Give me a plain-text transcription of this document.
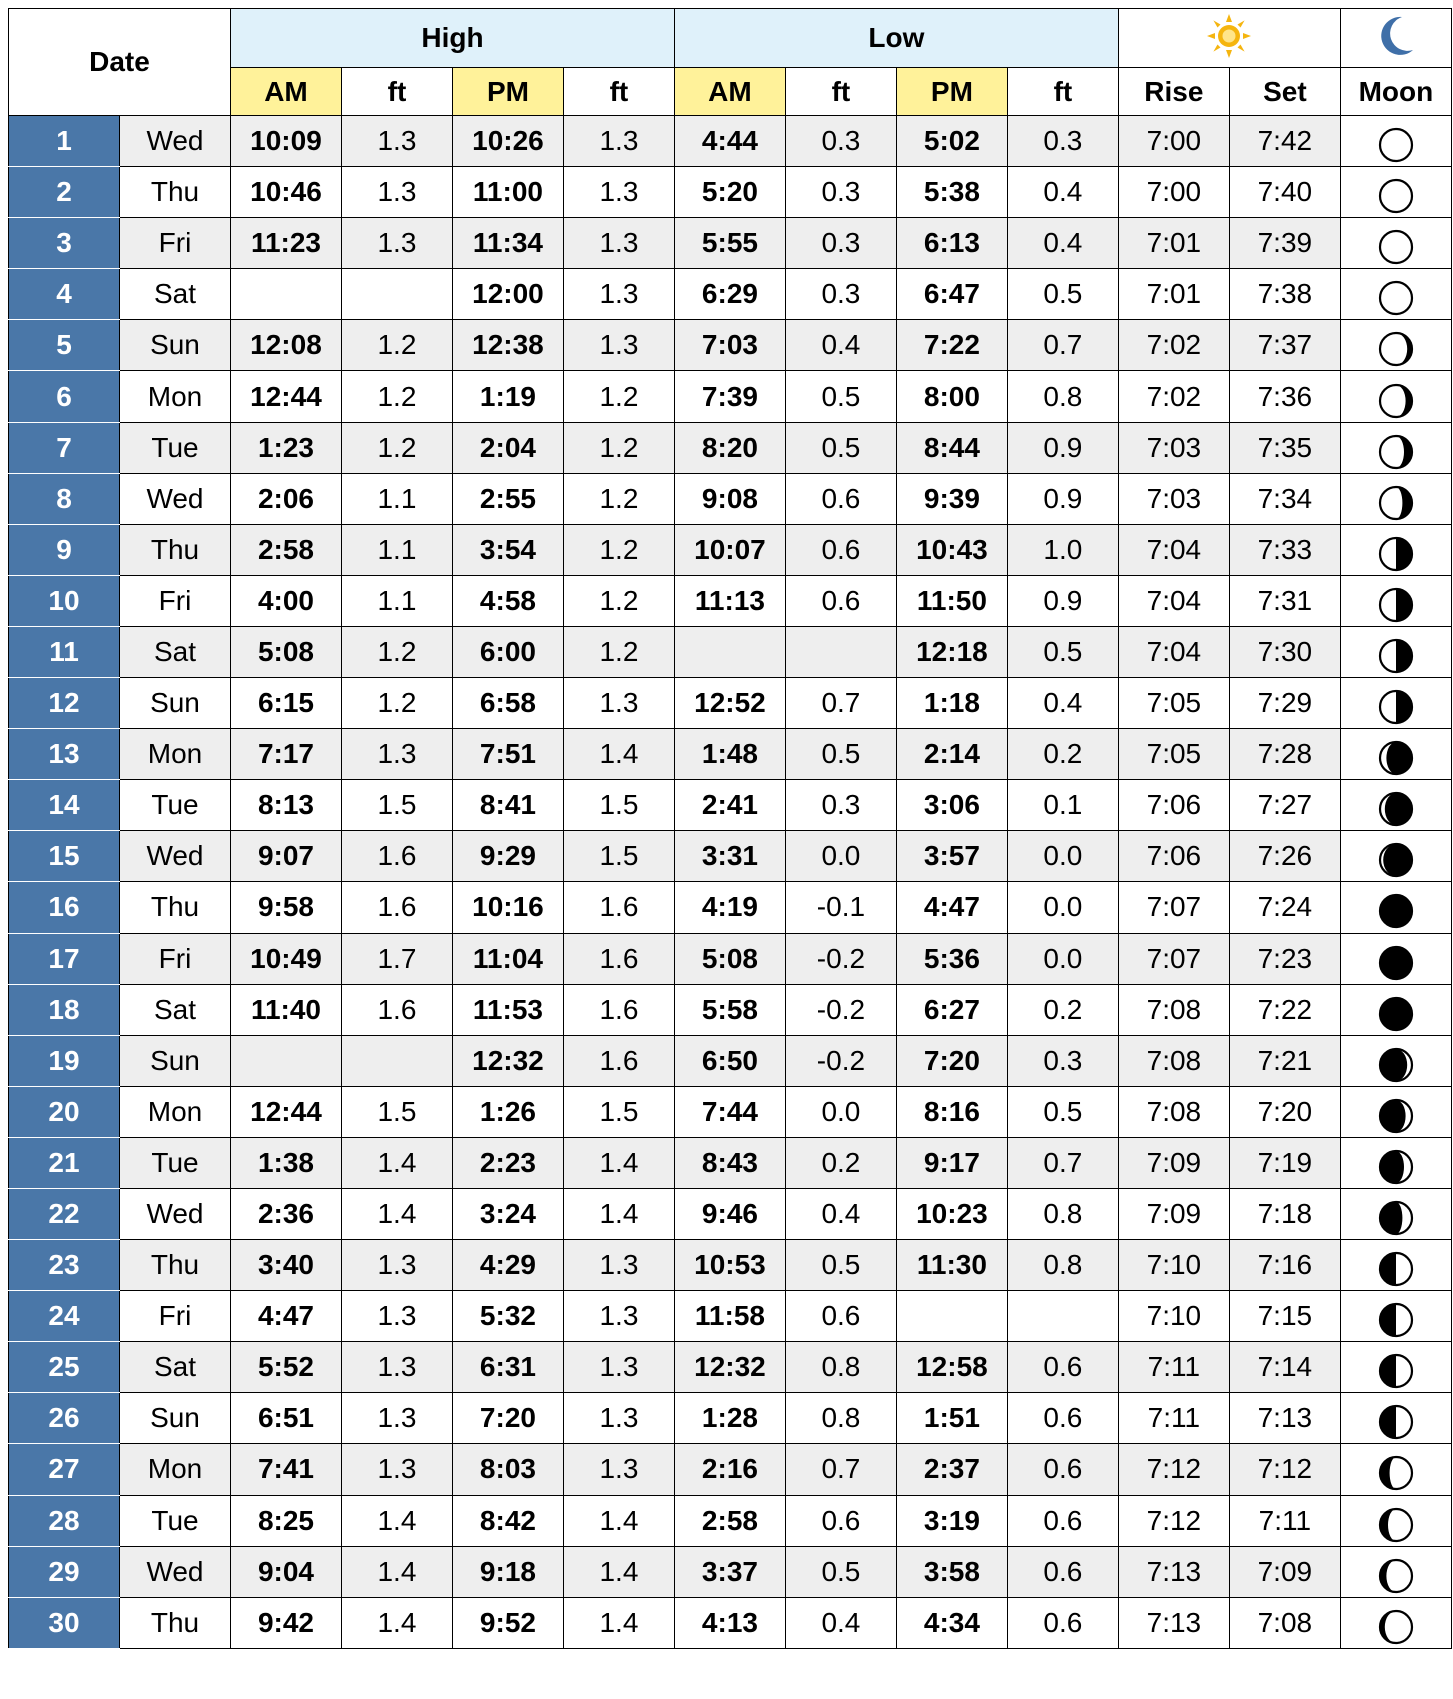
Date		High				Low		
		AM	ft	PM	ft	AM	ft	PM	ft	Rise	Set	Moon
1	Wed	10:09	1.3	10:26	1.3	4:44	0.3	5:02	0.3	7:00	7:42	

2	Thu	10:46	1.3	11:00	1.3	5:20	0.3	5:38	0.4	7:00	7:40	

3	Fri	11:23	1.3	11:34	1.3	5:55	0.3	6:13	0.4	7:01	7:39	

4	Sat			12:00	1.3	6:29	0.3	6:47	0.5	7:01	7:38	

5	Sun	12:08	1.2	12:38	1.3	7:03	0.4	7:22	0.7	7:02	7:37	

6	Mon	12:44	1.2	1:19	1.2	7:39	0.5	8:00	0.8	7:02	7:36	

7	Tue	1:23	1.2	2:04	1.2	8:20	0.5	8:44	0.9	7:03	7:35	

8	Wed	2:06	1.1	2:55	1.2	9:08	0.6	9:39	0.9	7:03	7:34	

9	Thu	2:58	1.1	3:54	1.2	10:07	0.6	10:43	1.0	7:04	7:33	

10	Fri	4:00	1.1	4:58	1.2	11:13	0.6	11:50	0.9	7:04	7:31	

11	Sat	5:08	1.2	6:00	1.2			12:18	0.5	7:04	7:30	

12	Sun	6:15	1.2	6:58	1.3	12:52	0.7	1:18	0.4	7:05	7:29	

13	Mon	7:17	1.3	7:51	1.4	1:48	0.5	2:14	0.2	7:05	7:28	

14	Tue	8:13	1.5	8:41	1.5	2:41	0.3	3:06	0.1	7:06	7:27	

15	Wed	9:07	1.6	9:29	1.5	3:31	0.0	3:57	0.0	7:06	7:26	

16	Thu	9:58	1.6	10:16	1.6	4:19	-0.1	4:47	0.0	7:07	7:24	

17	Fri	10:49	1.7	11:04	1.6	5:08	-0.2	5:36	0.0	7:07	7:23	

18	Sat	11:40	1.6	11:53	1.6	5:58	-0.2	6:27	0.2	7:08	7:22	

19	Sun			12:32	1.6	6:50	-0.2	7:20	0.3	7:08	7:21	

20	Mon	12:44	1.5	1:26	1.5	7:44	0.0	8:16	0.5	7:08	7:20	

21	Tue	1:38	1.4	2:23	1.4	8:43	0.2	9:17	0.7	7:09	7:19	

22	Wed	2:36	1.4	3:24	1.4	9:46	0.4	10:23	0.8	7:09	7:18	

23	Thu	3:40	1.3	4:29	1.3	10:53	0.5	11:30	0.8	7:10	7:16	

24	Fri	4:47	1.3	5:32	1.3	11:58	0.6			7:10	7:15	

25	Sat	5:52	1.3	6:31	1.3	12:32	0.8	12:58	0.6	7:11	7:14	

26	Sun	6:51	1.3	7:20	1.3	1:28	0.8	1:51	0.6	7:11	7:13	

27	Mon	7:41	1.3	8:03	1.3	2:16	0.7	2:37	0.6	7:12	7:12	

28	Tue	8:25	1.4	8:42	1.4	2:58	0.6	3:19	0.6	7:12	7:11	

29	Wed	9:04	1.4	9:18	1.4	3:37	0.5	3:58	0.6	7:13	7:09	

30	Thu	9:42	1.4	9:52	1.4	4:13	0.4	4:34	0.6	7:13	7:08	
